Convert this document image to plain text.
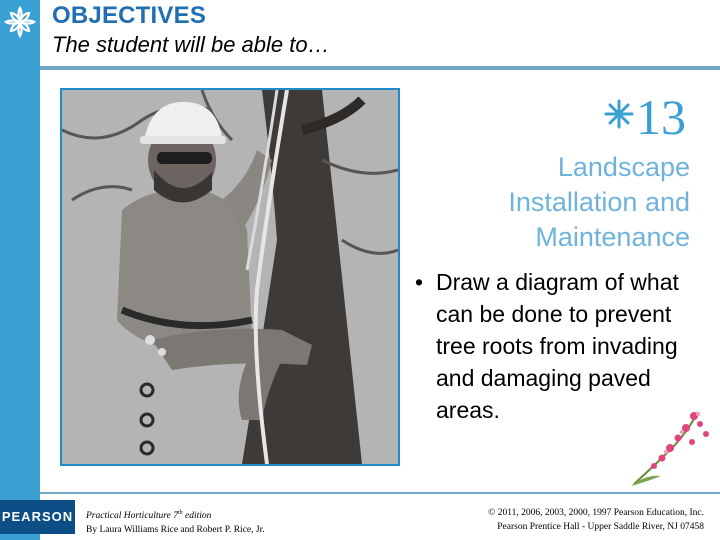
OBJECTIVES
The student will be able to…
13
Landscape
Installation and
Maintenance
• Draw a diagram of what can be done to prevent tree roots from invading and damaging paved areas.
PEARSON Practical Horticulture 7th edition
By Laura Williams Rice and Robert P. Rice, Jr.
© 2011, 2006, 2003, 2000, 1997 Pearson Education, Inc.
Pearson Prentice Hall - Upper Saddle River, NJ 07458
